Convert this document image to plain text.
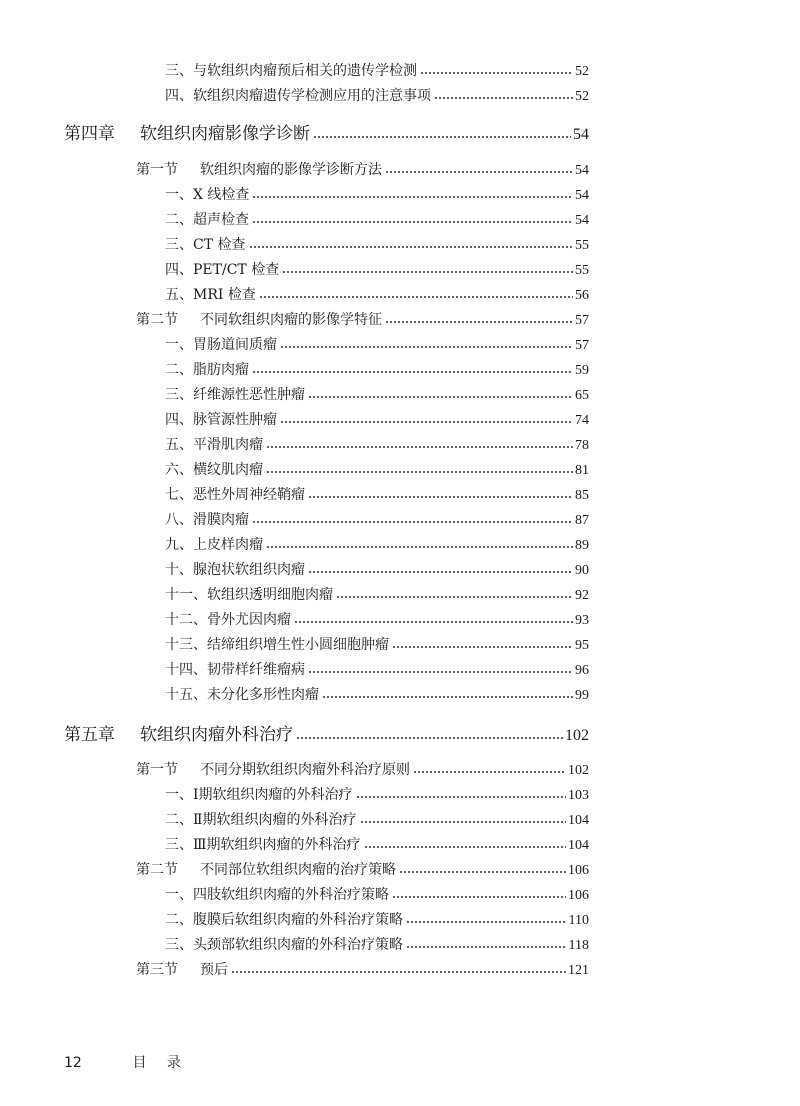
三、与软组织肉瘤预后相关的遗传学检测	52
四、软组织肉瘤遗传学检测应用的注意事项	52
第四章	软组织肉瘤影像学诊断	54
第一节	软组织肉瘤的影像学诊断方法	54
一、X 线检查	54
二、超声检查	54
三、CT 检查	55
四、PET/CT 检查	55
五、MRI 检查	56
第二节	不同软组织肉瘤的影像学特征	57
一、胃肠道间质瘤	57
二、脂肪肉瘤	59
三、纤维源性恶性肿瘤	65
四、脉管源性肿瘤	74
五、平滑肌肉瘤	78
六、横纹肌肉瘤	81
七、恶性外周神经鞘瘤	85
八、滑膜肉瘤	87
九、上皮样肉瘤	89
十、腺泡状软组织肉瘤	90
十一、软组织透明细胞肉瘤	92
十二、骨外尤因肉瘤	93
十三、结缔组织增生性小圆细胞肿瘤	95
十四、韧带样纤维瘤病	96
十五、未分化多形性肉瘤	99
第五章	软组织肉瘤外科治疗	102
第一节	不同分期软组织肉瘤外科治疗原则	102
一、Ⅰ期软组织肉瘤的外科治疗	103
二、Ⅱ期软组织肉瘤的外科治疗	104
三、Ⅲ期软组织肉瘤的外科治疗	104
第二节	不同部位软组织肉瘤的治疗策略	106
一、四肢软组织肉瘤的外科治疗策略	106
二、腹膜后软组织肉瘤的外科治疗策略	110
三、头颈部软组织肉瘤的外科治疗策略	118
第三节	预后	121
12	目 录
